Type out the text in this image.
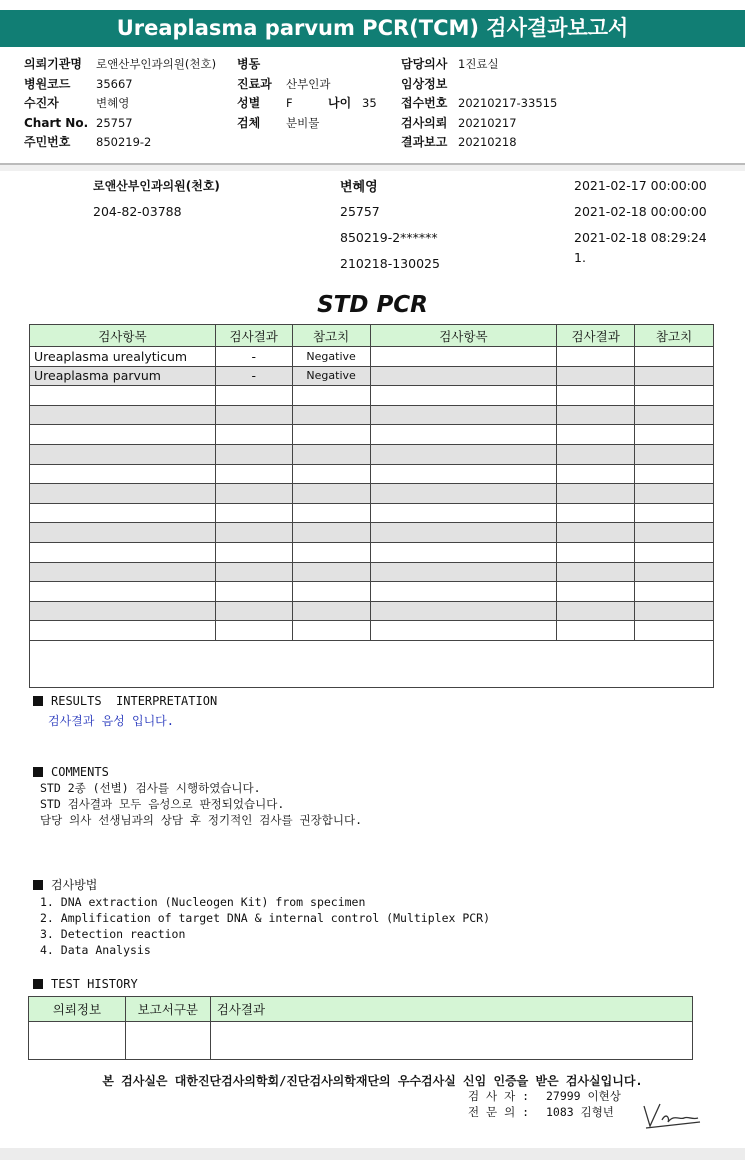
Ureaplasma parvum PCR(TCM) 검사결과보고서
의뢰기관명 로앤산부인과의원(천호)
병원코드 35667
수진자	변혜영
Chart No. 25757
주민번호 850219-2
병동
진료과 산부인과
성별 F	나이 35
검체 분비물
담당의사 1진료실
임상정보
접수번호 20210217-33515
검사의뢰 20210217
결과보고 20210218
로앤산부인과의원(천호)
204-82-03788
변혜영
25757
850219-2******
210218-130025
2021-02-17 00:00:00
2021-02-18 00:00:00
2021-02-18 08:29:24
1.
STD PCR
검사항목	검사결과	참고치	검사항목	검사결과	참고치
Ureaplasma urealyticum	-	Negative			
Ureaplasma parvum	-	Negative			

RESULTS  INTERPRETATION
검사결과 음성 입니다.
COMMENTS
STD 2종 (선별) 검사를 시행하였습니다.
STD 검사결과 모두 음성으로 판정되었습니다.
담당 의사 선생님과의 상담 후 정기적인 검사를 권장합니다.
검사방법
1. DNA extraction (Nucleogen Kit) from specimen
2. Amplification of target DNA & internal control (Multiplex PCR)
3. Detection reaction
4. Data Analysis
TEST HISTORY
의뢰정보	보고서구분	검사결과

본 검사실은 대한진단검사의학회/진단검사의학재단의 우수검사실 신임 인증을 받은 검사실입니다.
검 사 자 : 27999 이현상
전 문 의 : 1083 김형년
